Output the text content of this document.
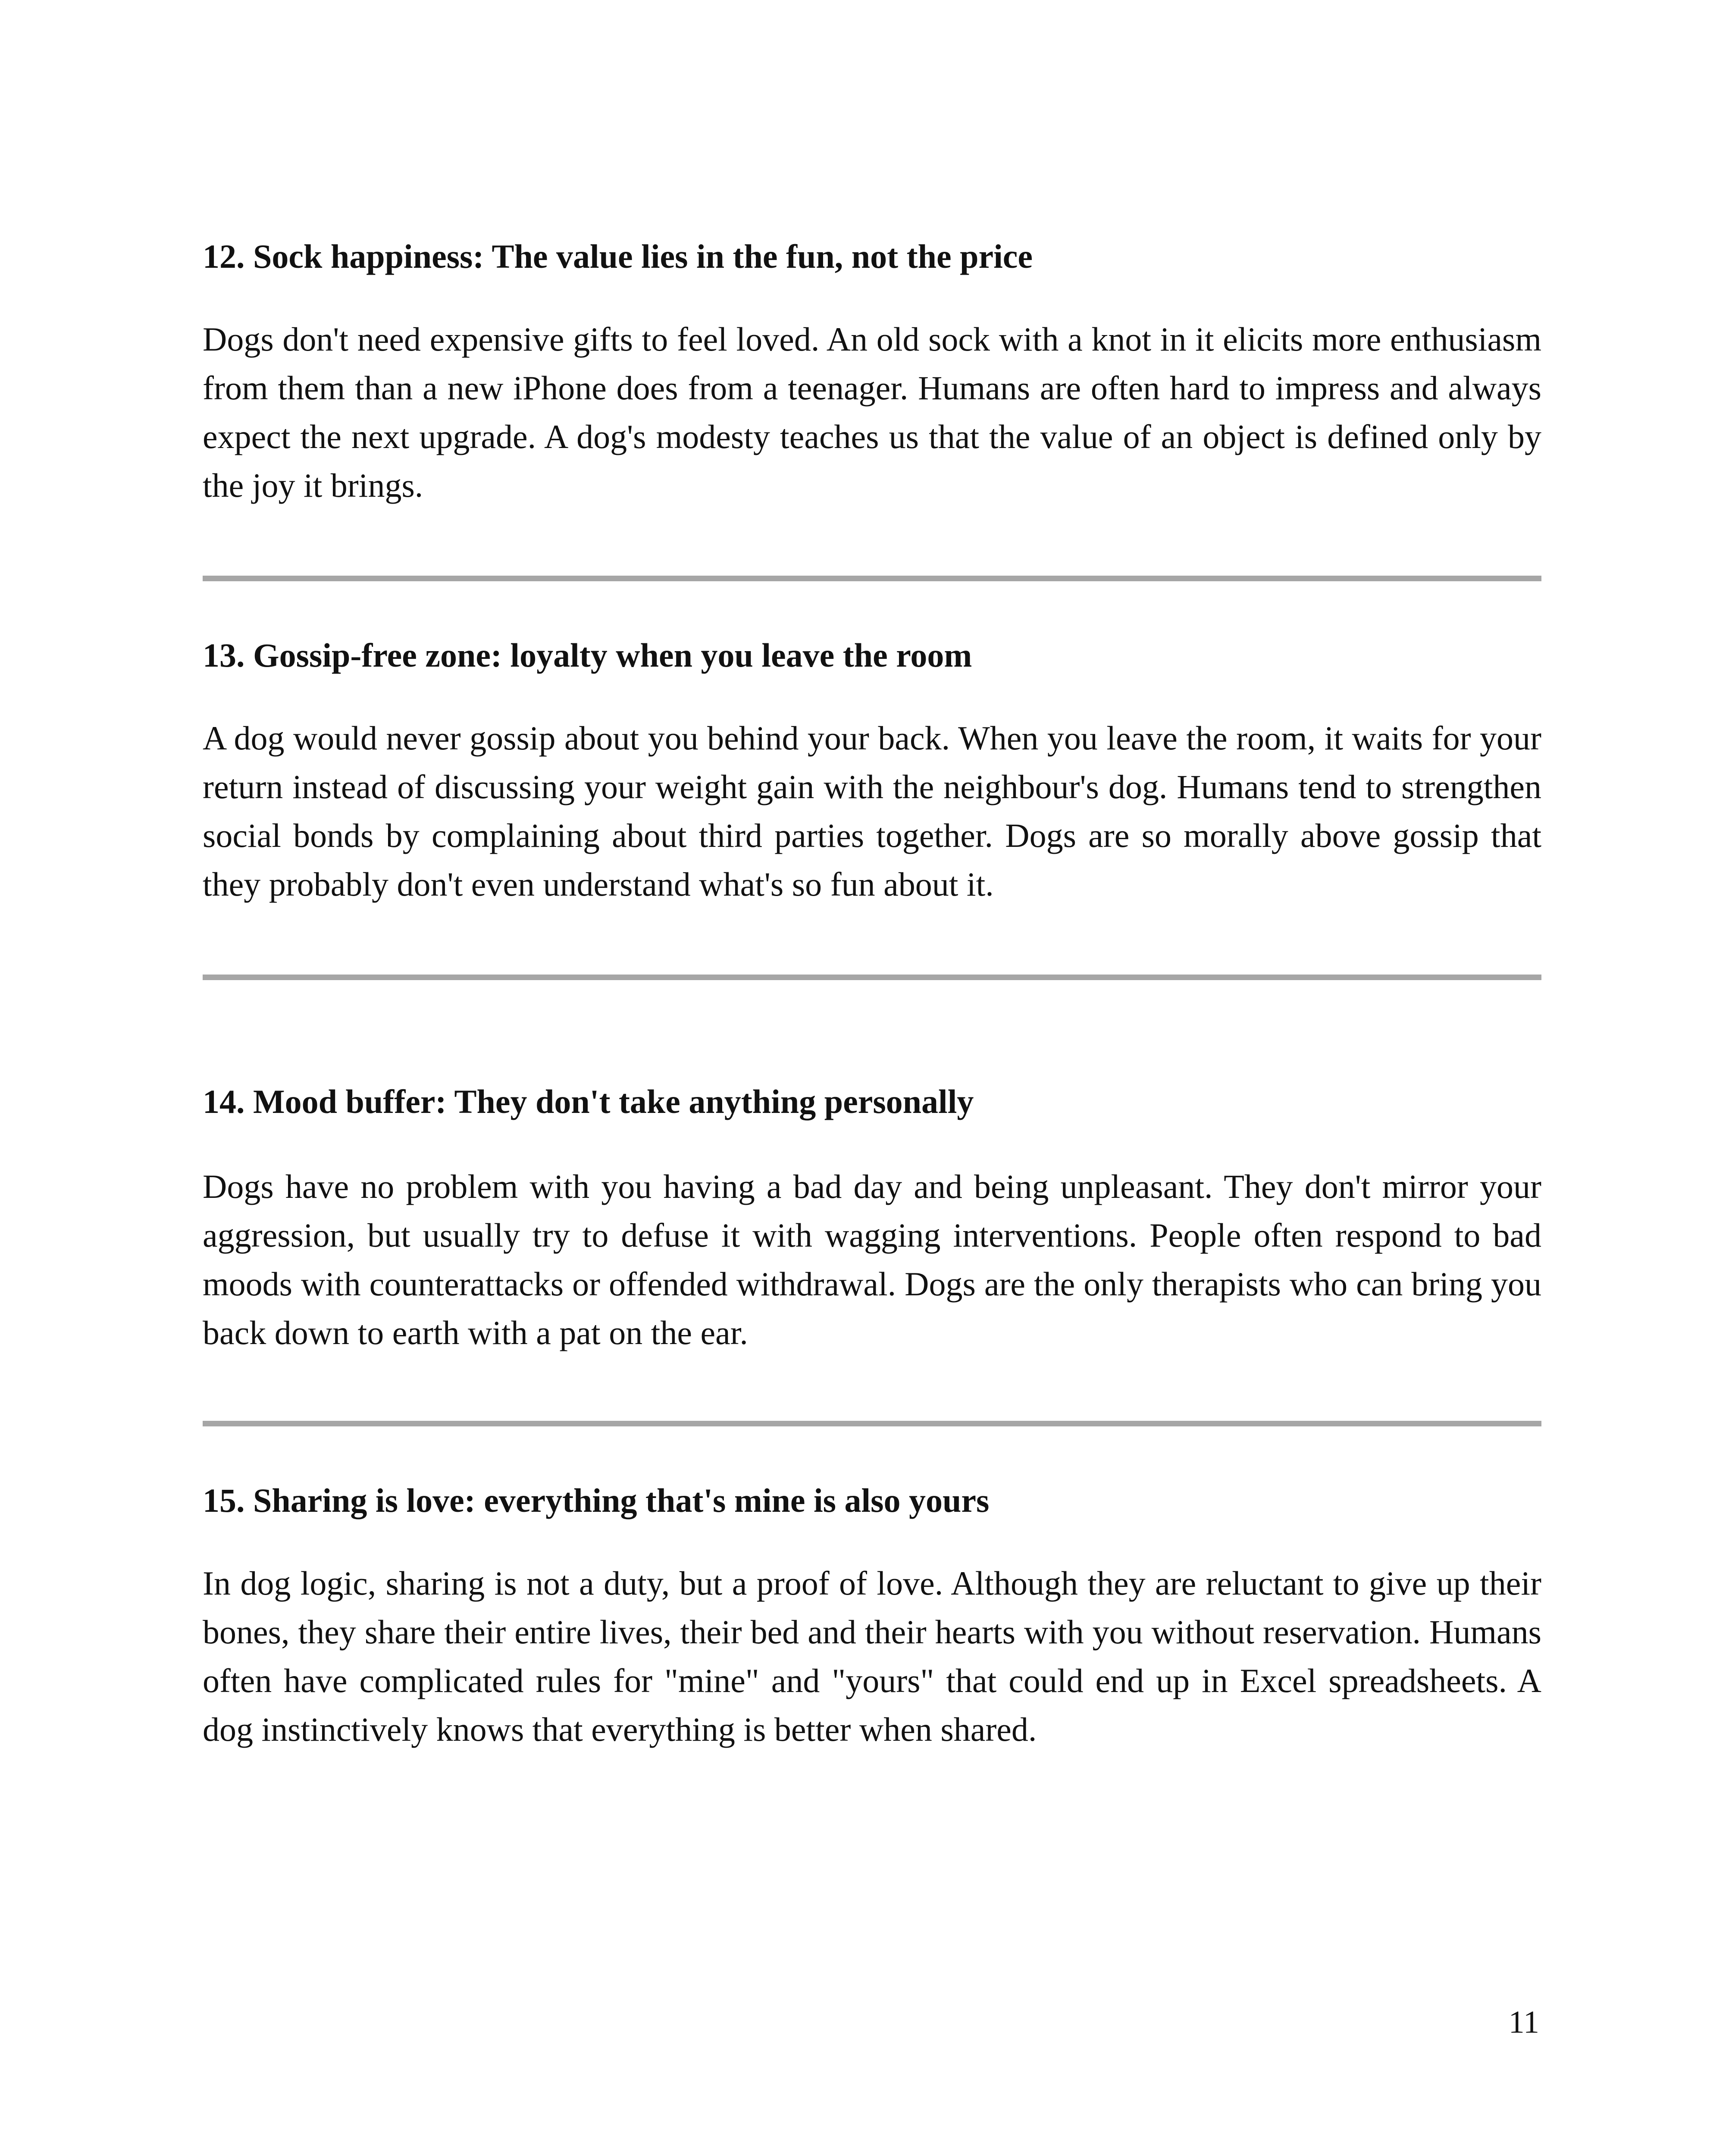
12. Sock happiness: The value lies in the fun, not the price

Dogs don't need expensive gifts to feel loved. An old sock with a knot in it elicits more enthusiasm from them than a new iPhone does from a teenager. Humans are often hard to impress and always expect the next upgrade. A dog's modesty teaches us that the value of an object is defined only by the joy it brings.

13. Gossip-free zone: loyalty when you leave the room

A dog would never gossip about you behind your back. When you leave the room, it waits for your return instead of discussing your weight gain with the neighbour's dog. Humans tend to strengthen social bonds by complaining about third parties together. Dogs are so morally above gossip that they probably don't even understand what's so fun about it.

14. Mood buffer: They don't take anything personally

Dogs have no problem with you having a bad day and being unpleasant. They don't mirror your aggression, but usually try to defuse it with wagging interventions. People often respond to bad moods with counterattacks or offended withdrawal. Dogs are the only therapists who can bring you back down to earth with a pat on the ear.

15. Sharing is love: everything that's mine is also yours

In dog logic, sharing is not a duty, but a proof of love. Although they are reluctant to give up their bones, they share their entire lives, their bed and their hearts with you without reservation. Humans often have complicated rules for "mine" and "yours" that could end up in Excel spreadsheets. A dog instinctively knows that everything is better when shared.

11
